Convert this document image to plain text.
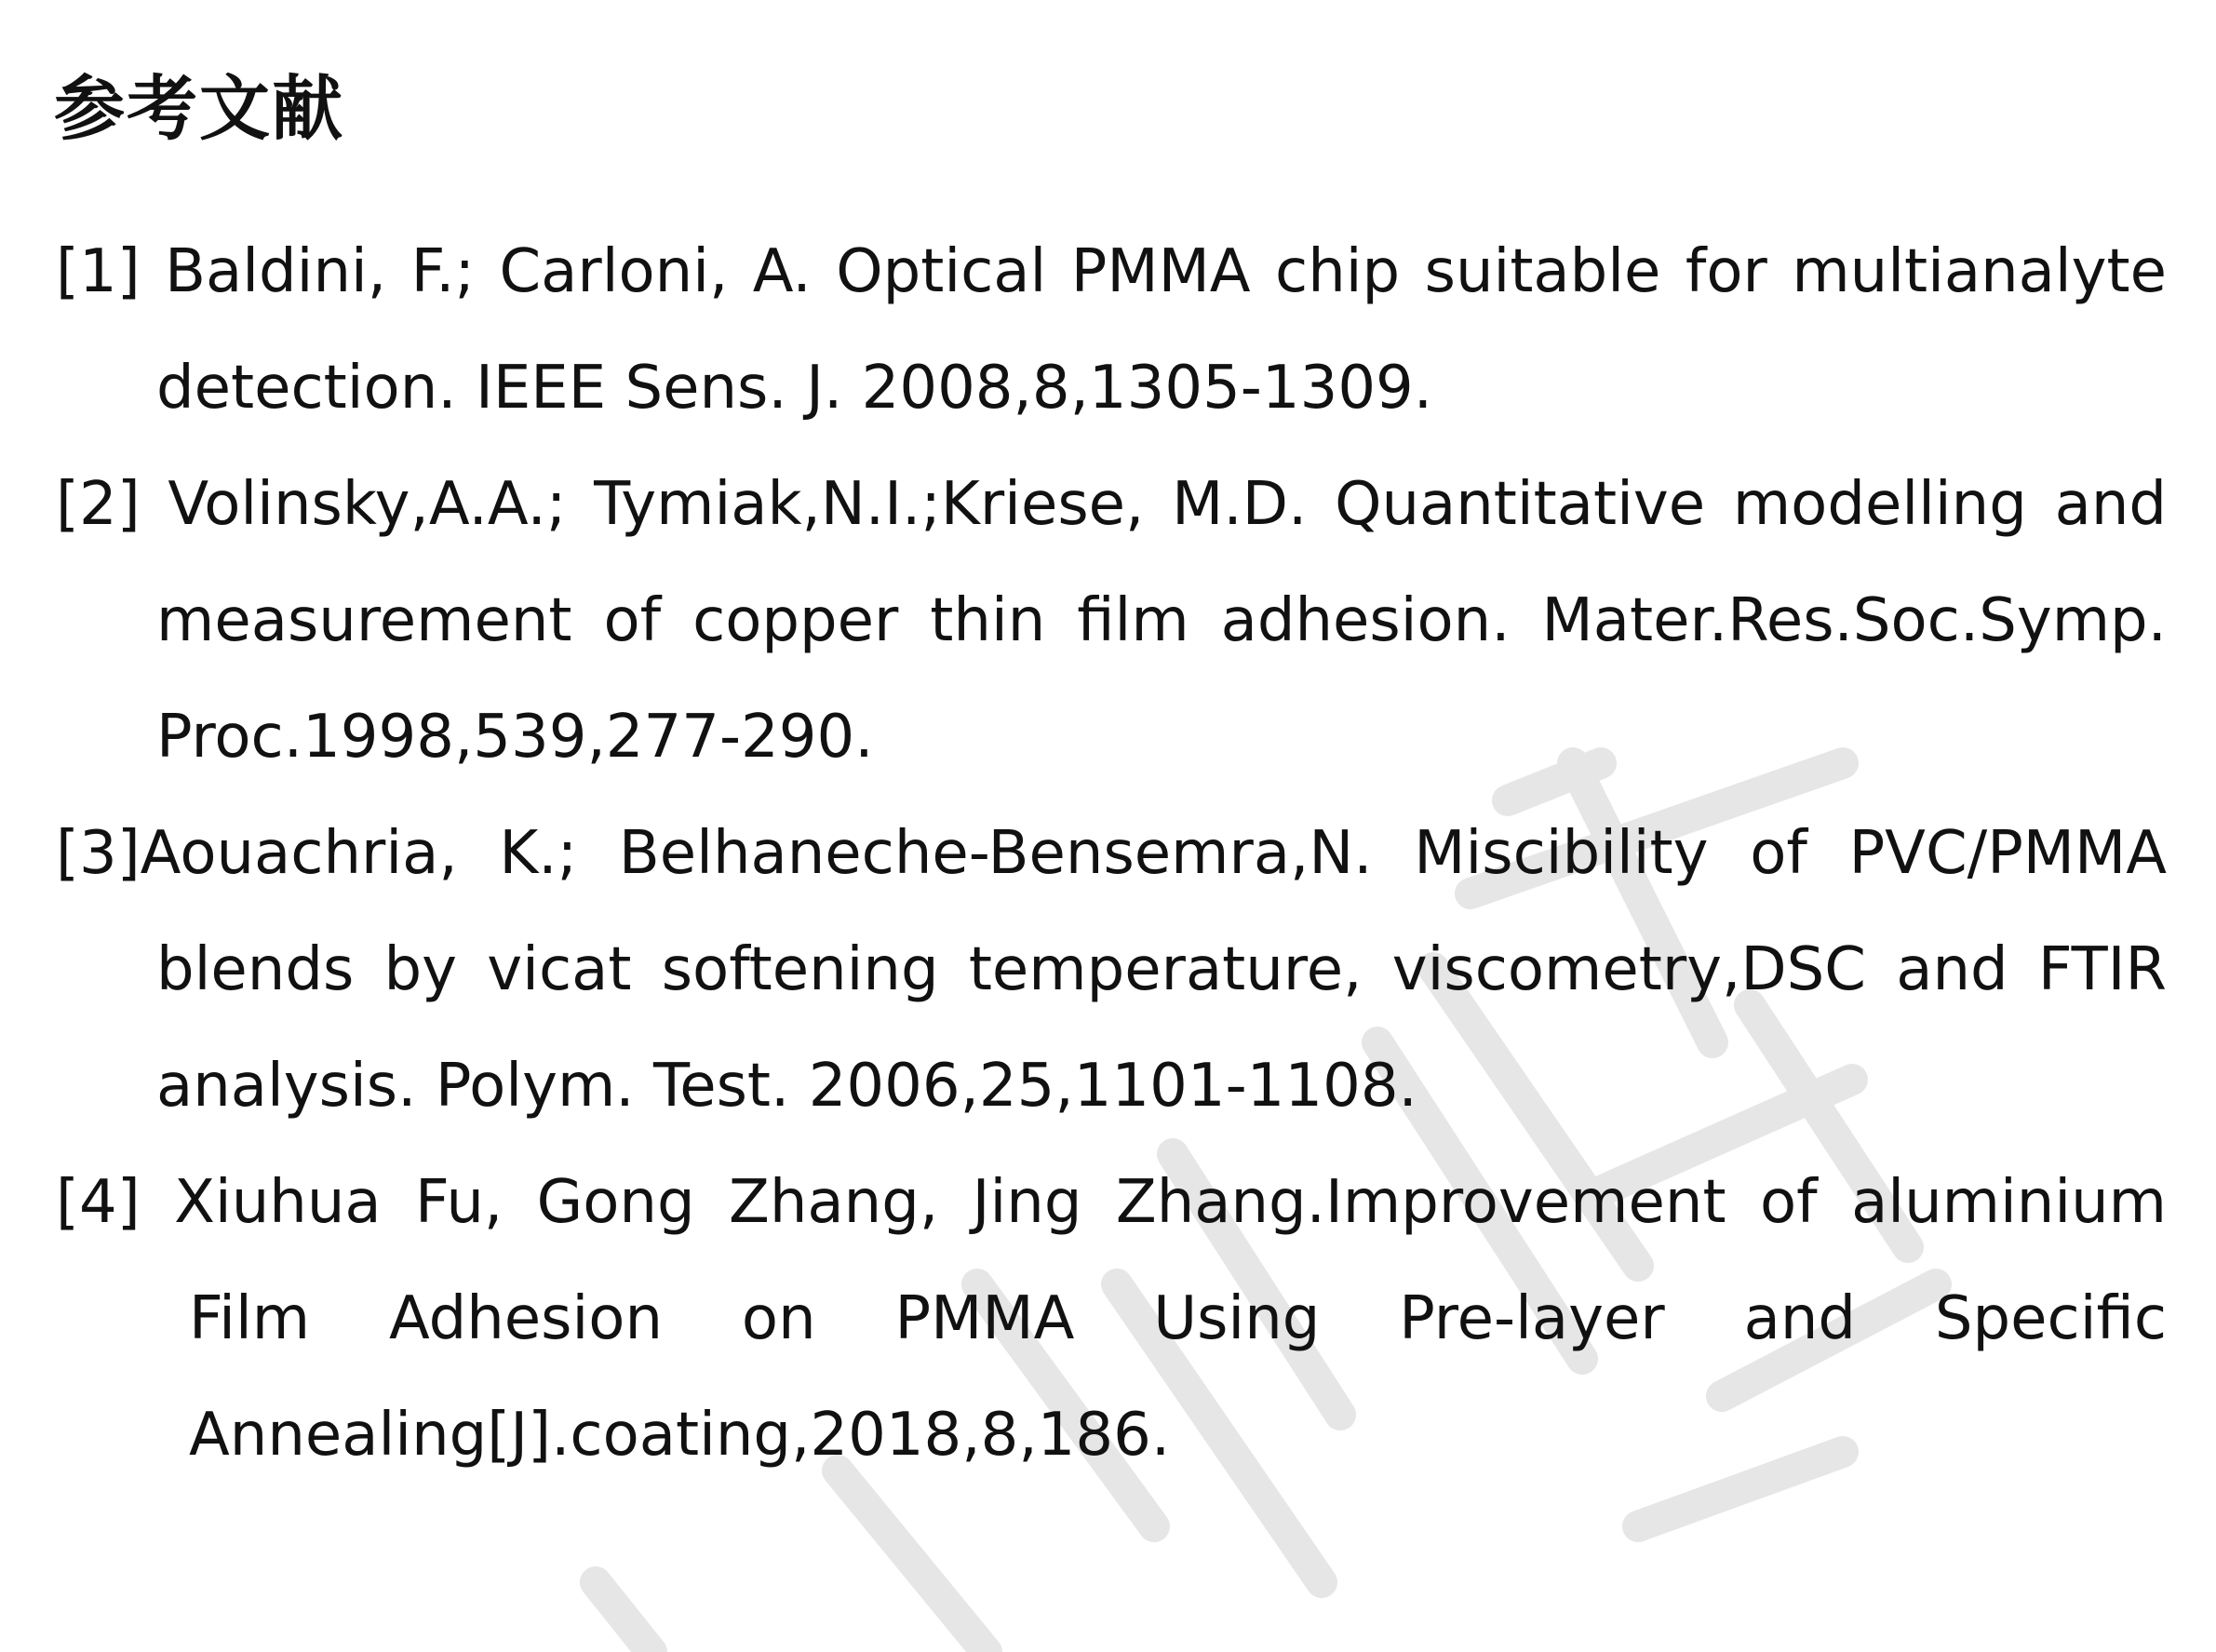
参考文献

[1] Baldini, F.; Carloni, A. Optical PMMA chip suitable for multianalyte detection. IEEE Sens. J. 2008,8,1305-1309.

[2] Volinsky,A.A.; Tymiak,N.I.;Kriese, M.D. Quantitative modelling and measurement of copper thin film adhesion. Mater.Res.Soc.Symp. Proc.1998,539,277-290.

[3]Aouachria, K.; Belhaneche-Bensemra,N. Miscibility of PVC/PMMA blends by vicat softening temperature, viscometry,DSC and FTIR analysis. Polym. Test. 2006,25,1101-1108.

[4] Xiuhua Fu, Gong Zhang, Jing Zhang.Improvement of aluminium Film Adhesion on PMMA Using Pre-layer and Specific Annealing[J].coating,2018,8,186.
